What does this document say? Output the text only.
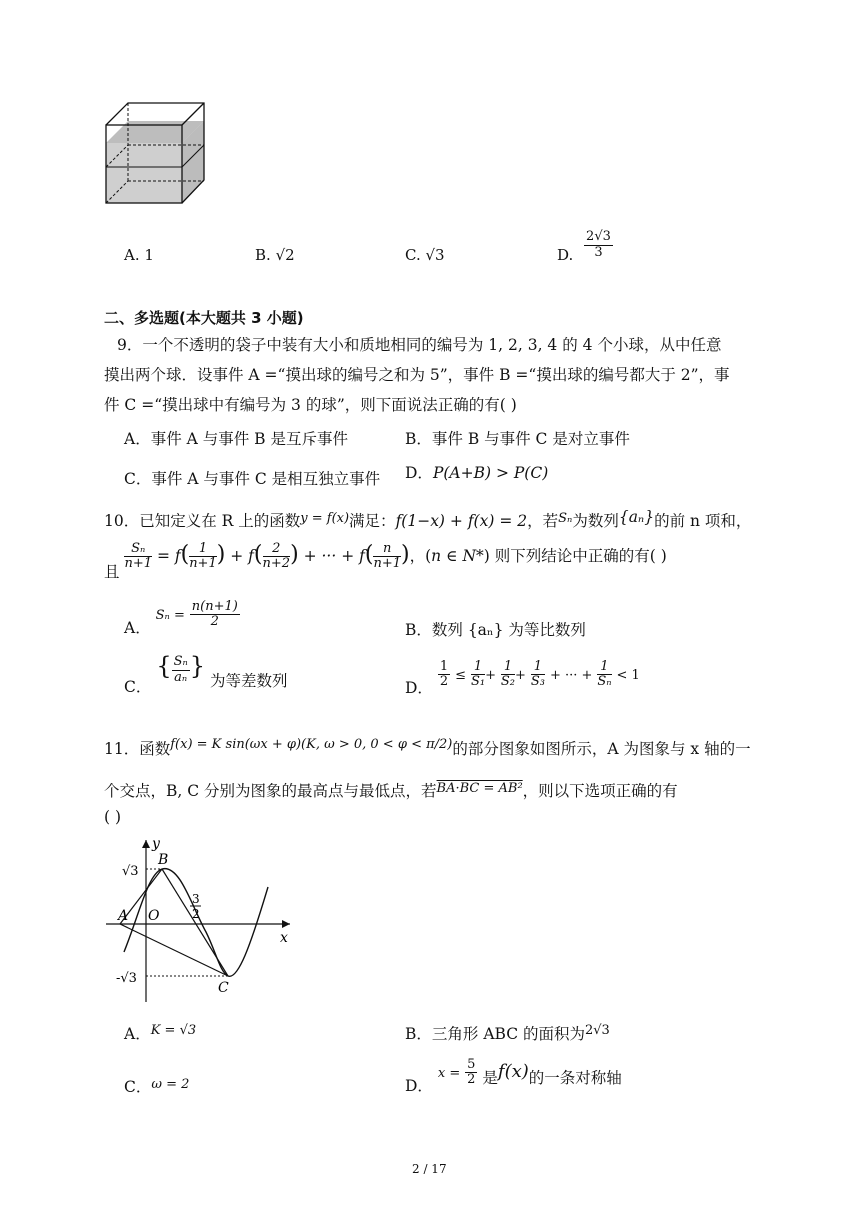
A. 1	B. √2	C. √3	D. $\frac{2√3}{3}$
二、多选题(本大题共 3 小题)
9．一个不透明的袋子中装有大小和质地相同的编号为 1, 2, 3, 4 的 4 个小球，从中任意
摸出两个球．设事件 A =“摸出球的编号之和为 5”，事件 B =“摸出球的编号都大于 2”，事
件 C =“摸出球中有编号为 3 的球”，则下面说法正确的有( )
A．事件 A 与事件 B 是互斥事件	B．事件 B 与事件 C 是对立事件
C．事件 A 与事件 C 是相互独立事件 D．P(A+B) > P(C)
10．已知定义在 R 上的函数$^{y = f(x)}$满足：f(1−x) + f(x) = 2，若$^{S_n}$为数列{aₙ}的前 n 项和，
且
$\frac{\text{Sₙ}}{n+1} = f( \frac{1}{n+1}$ ) + $f( \frac{2}{n+2}$ ) + ··· + $f( \frac{n}{n+1}$ )，(n ∈ N*) 则下列结论中正确的有( )
A． $S_n = \frac{n(n+1)}{2}$
B．数列 {aₙ} 为等比数列
C． { $\frac{\text{Sₙ}}{\text{aₙ}}$ } 为等差数列	D． $\frac{1}{2} \le \frac{1}{\text{S₁}} + \frac{1}{\text{S₂}} + \frac{1}{\text{S₃}}$ + ··· + $\frac{1}{\text{Sₙ}} < 1$
11．函数$^{f(x) = K sin(\omega x + \varphi)(K, \omega > 0, 0 < \varphi < \pi/2)}$的部分图象如图所示，A 为图象与 x 轴的一
个交点，B, C 分别为图象的最高点与最低点，若$^{BA\cdot BC = AB^2}$，则以下选项正确的有
( )
y
x
B
A O
C
√3
-√3
3
2
A．$^{K = √3}$	B．三角形 ABC 的面积为$^{2√3}$
C．$^{\omega = 2}$	D． $x = \frac{5}{2}$ 是f(x)的一条对称轴
2 / 17
